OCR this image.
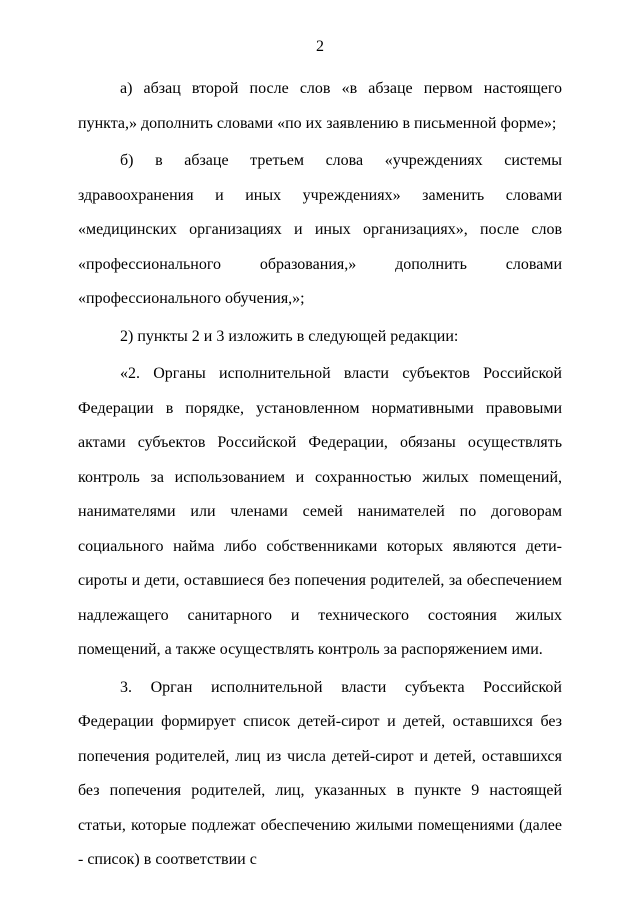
2

а) абзац второй после слов «в абзаце первом настоящего пункта,» дополнить словами «по их заявлению в письменной форме»;

б) в абзаце третьем слова «учреждениях системы здравоохранения и иных учреждениях» заменить словами «медицинских организациях и иных организациях», после слов «профессионального образования,» дополнить словами «профессионального обучения,»;

2) пункты 2 и 3 изложить в следующей редакции:

«2. Органы исполнительной власти субъектов Российской Федерации в порядке, установленном нормативными правовыми актами субъектов Российской Федерации, обязаны осуществлять контроль за использованием и сохранностью жилых помещений, нанимателями или членами семей нанимателей по договорам социального найма либо собственниками которых являются дети-сироты и дети, оставшиеся без попечения родителей, за обеспечением надлежащего санитарного и технического состояния жилых помещений, а также осуществлять контроль за распоряжением ими.

3. Орган исполнительной власти субъекта Российской Федерации формирует список детей-сирот и детей, оставшихся без попечения родителей, лиц из числа детей-сирот и детей, оставшихся без попечения родителей, лиц, указанных в пункте 9 настоящей статьи, которые подлежат обеспечению жилыми помещениями (далее - список) в соответствии с
